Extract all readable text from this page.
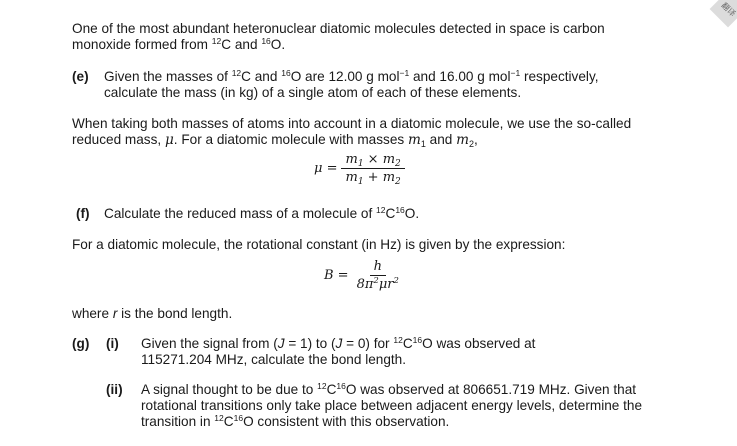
翻译
One of the most abundant heteronuclear diatomic molecules detected in space is carbon
monoxide formed from $^{12}$C and $^{16}$O.
(e) Given the masses of $^{12}$C and $^{16}$O are 12.00 g mol$^{-1}$ and 16.00 g mol$^{-1}$ respectively,
calculate the mass (in kg) of a single atom of each of these elements.
When taking both masses of atoms into account in a diatomic molecule, we use the so-called
reduced mass, μ. For a diatomic molecule with masses $m_1$ and $m_2$,
$\mu = \frac{m_1 \times m_2}{m_1 + m_2}$
(f) Calculate the reduced mass of a molecule of $^{12}C^{16}O$.
For a diatomic molecule, the rotational constant (in Hz) is given by the expression:
$B = \frac{h}{8\pi^2\mu r^2}$
where r is the bond length.
(g) (i) Given the signal from (J = 1) to (J = 0) for $^{12}C^{16}O$ was observed at
115271.204 MHz, calculate the bond length.
(ii) A signal thought to be due to $^{12}C^{16}O$ was observed at 806651.719 MHz. Given that
rotational transitions only take place between adjacent energy levels, determine the
transition in $^{12}C^{16}O$ consistent with this observation.
